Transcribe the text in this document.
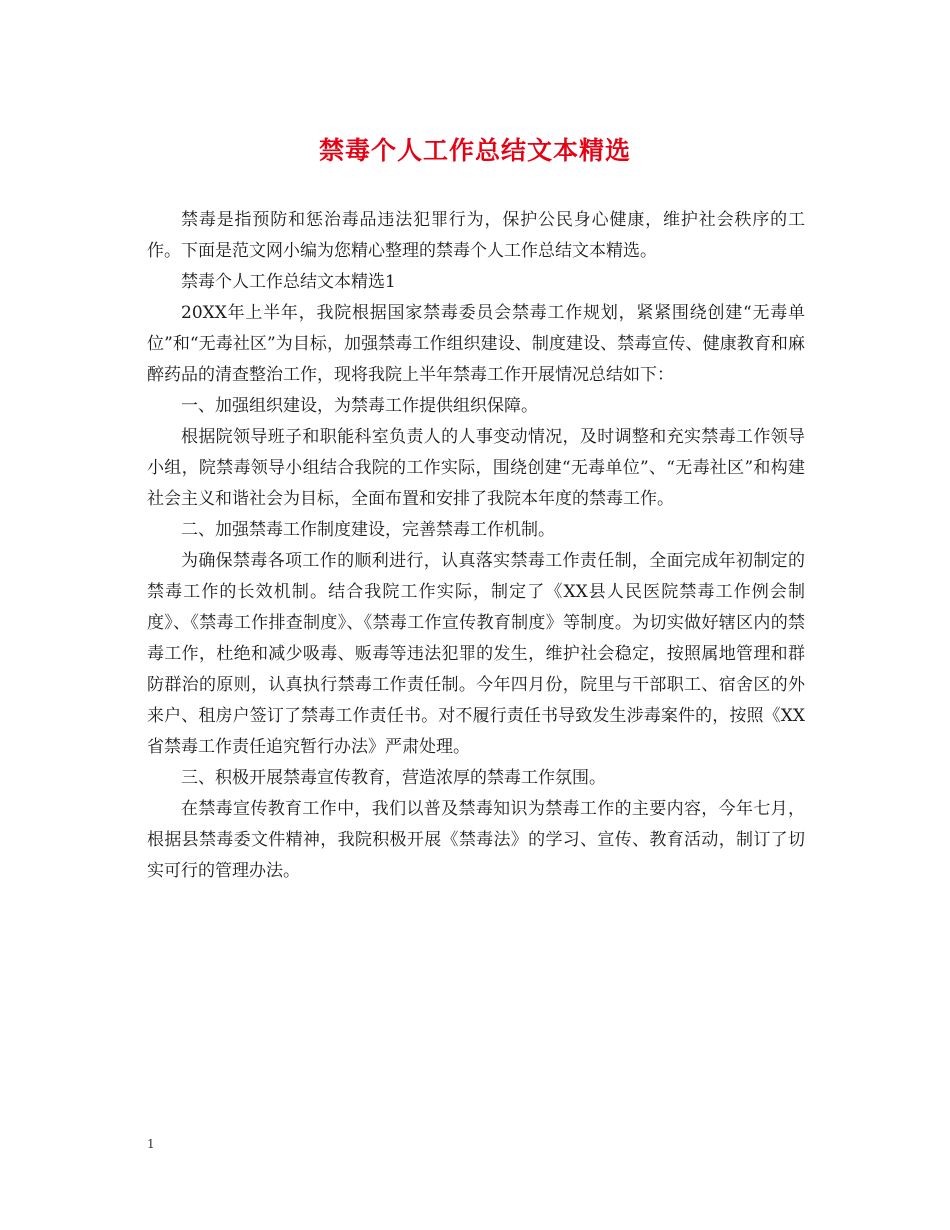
禁毒个人工作总结文本精选

禁毒是指预防和惩治毒品违法犯罪行为，保护公民身心健康，维护社会秩序的工作。下面是范文网小编为您精心整理的禁毒个人工作总结文本精选。

禁毒个人工作总结文本精选1

20XX年上半年，我院根据国家禁毒委员会禁毒工作规划，紧紧围绕创建“无毒单位”和“无毒社区”为目标，加强禁毒工作组织建设、制度建设、禁毒宣传、健康教育和麻醉药品的清查整治工作，现将我院上半年禁毒工作开展情况总结如下：

一、加强组织建设，为禁毒工作提供组织保障。

根据院领导班子和职能科室负责人的人事变动情况，及时调整和充实禁毒工作领导小组，院禁毒领导小组结合我院的工作实际，围绕创建“无毒单位”、“无毒社区”和构建社会主义和谐社会为目标，全面布置和安排了我院本年度的禁毒工作。

二、加强禁毒工作制度建设，完善禁毒工作机制。

为确保禁毒各项工作的顺利进行，认真落实禁毒工作责任制，全面完成年初制定的禁毒工作的长效机制。结合我院工作实际，制定了《XX县人民医院禁毒工作例会制度》、《禁毒工作排查制度》、《禁毒工作宣传教育制度》等制度。为切实做好辖区内的禁毒工作，杜绝和减少吸毒、贩毒等违法犯罪的发生，维护社会稳定，按照属地管理和群防群治的原则，认真执行禁毒工作责任制。今年四月份，院里与干部职工、宿舍区的外来户、租房户签订了禁毒工作责任书。对不履行责任书导致发生涉毒案件的，按照《XX省禁毒工作责任追究暂行办法》严肃处理。

三、积极开展禁毒宣传教育，营造浓厚的禁毒工作氛围。

在禁毒宣传教育工作中，我们以普及禁毒知识为禁毒工作的主要内容，今年七月，根据县禁毒委文件精神，我院积极开展《禁毒法》的学习、宣传、教育活动，制订了切实可行的管理办法。

1
